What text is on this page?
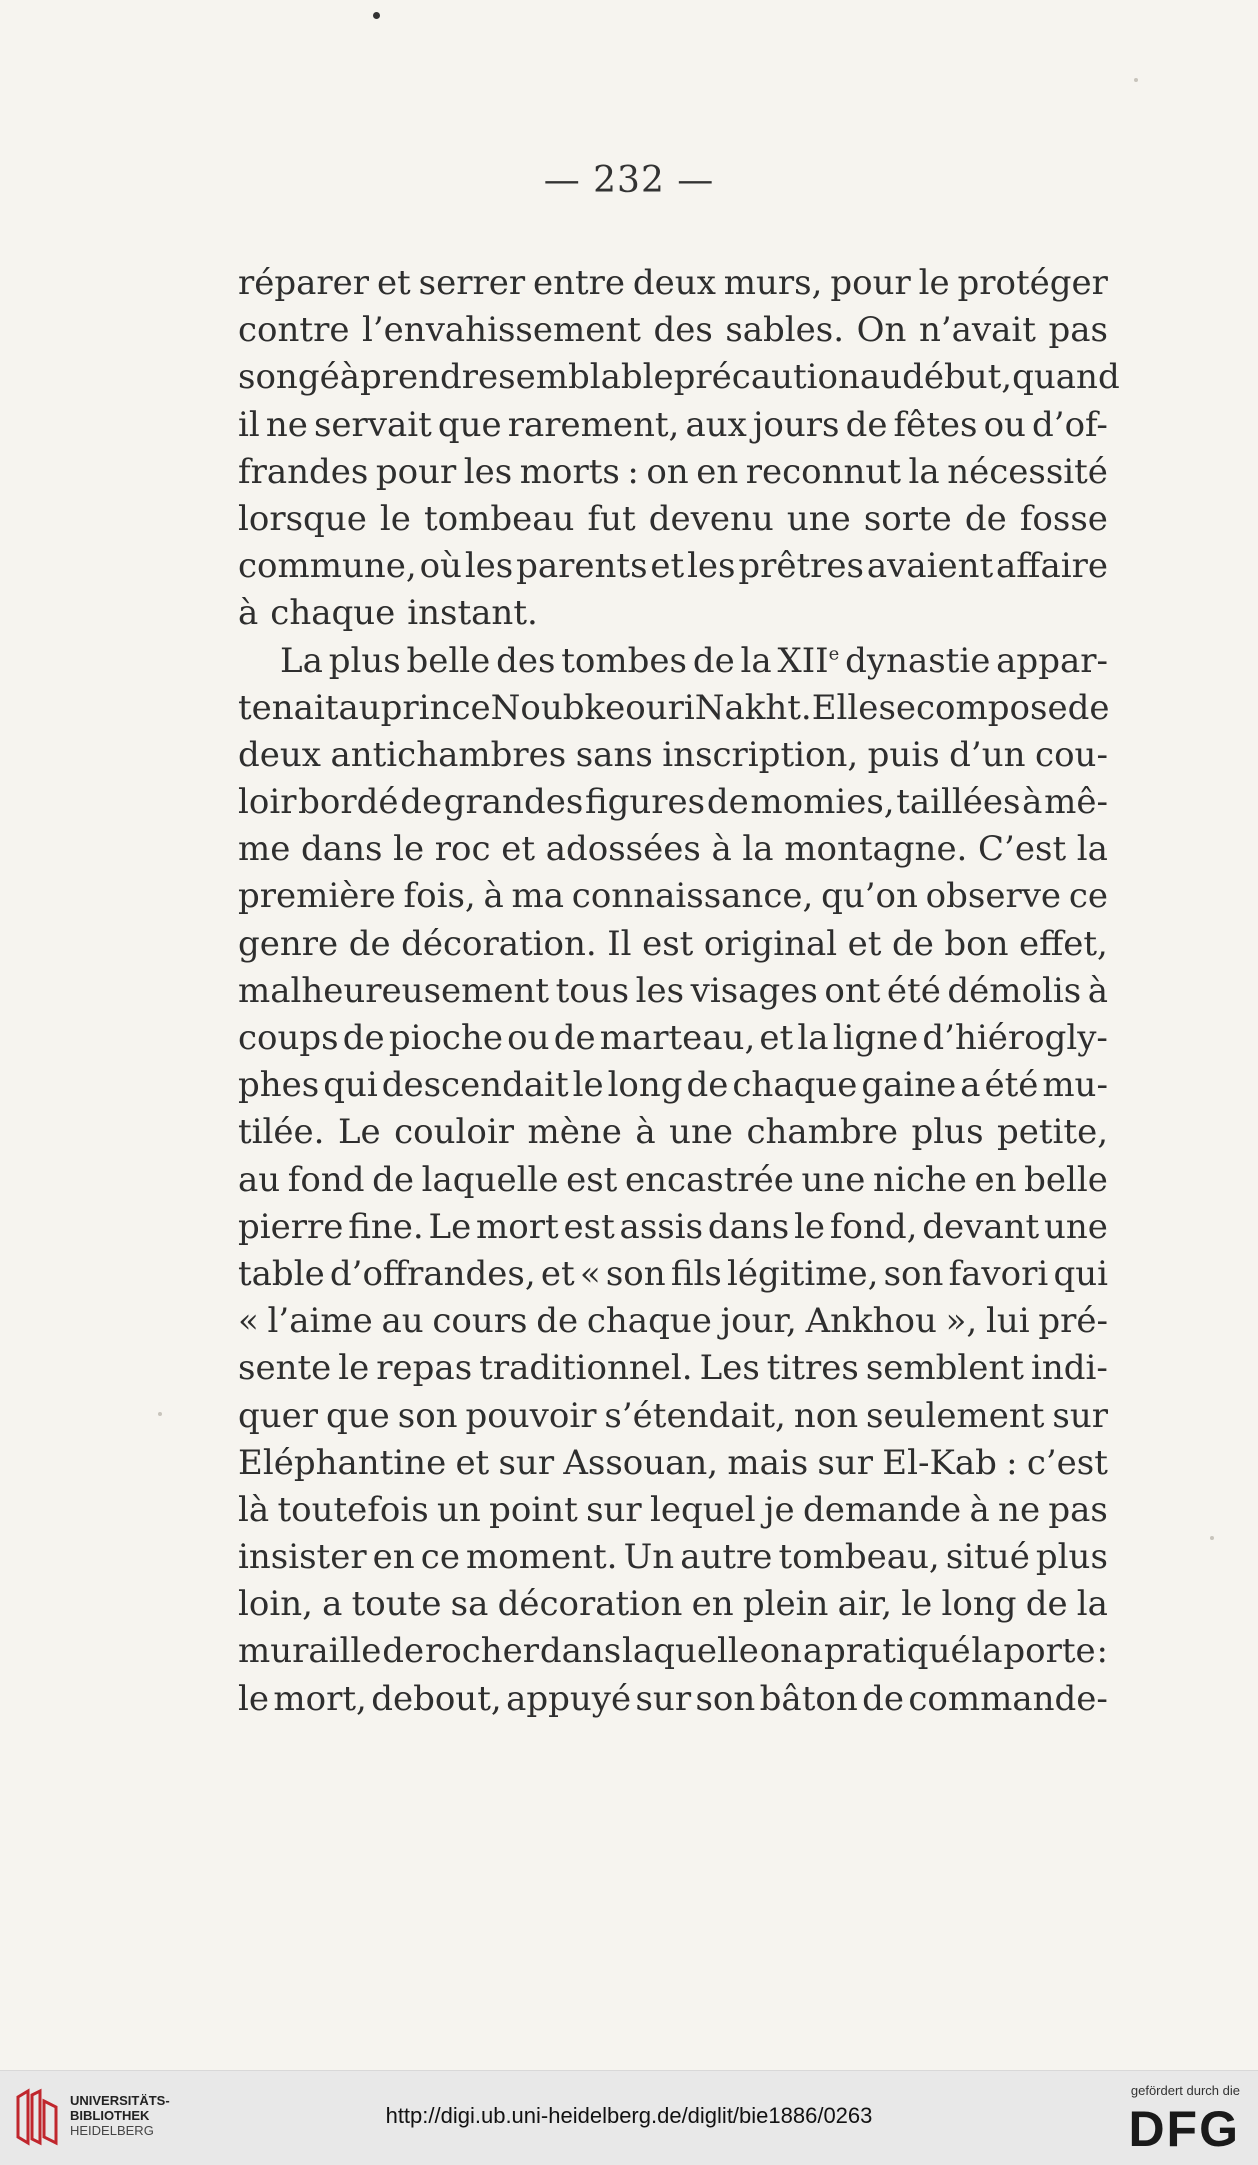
— 232 —
réparer et serrer entre deux murs, pour le protéger
contre l’envahissement des sables. On n’avait pas
songé à prendre semblable précaution au début, quand
il ne servait que rarement, aux jours de fêtes ou d’of-
frandes pour les morts : on en reconnut la nécessité
lorsque le tombeau fut devenu une sorte de fosse
commune, où les parents et les prêtres avaient affaire
à chaque instant.
La plus belle des tombes de la XIIe dynastie appar-
tenait au prince Noubkeouri Nakht. Elle se compose de
deux antichambres sans inscription, puis d’un cou-
loir bordé de grandes figures de momies, taillées à mê-
me dans le roc et adossées à la montagne. C’est la
première fois, à ma connaissance, qu’on observe ce
genre de décoration. Il est original et de bon effet,
malheureusement tous les visages ont été démolis à
coups de pioche ou de marteau, et la ligne d’hiérogly-
phes qui descendait le long de chaque gaine a été mu-
tilée. Le couloir mène à une chambre plus petite,
au fond de laquelle est encastrée une niche en belle
pierre fine. Le mort est assis dans le fond, devant une
table d’offrandes, et « son fils légitime, son favori qui
« l’aime au cours de chaque jour, Ankhou », lui pré-
sente le repas traditionnel. Les titres semblent indi-
quer que son pouvoir s’étendait, non seulement sur
Eléphantine et sur Assouan, mais sur El-Kab : c’est
là toutefois un point sur lequel je demande à ne pas
insister en ce moment. Un autre tombeau, situé plus
loin, a toute sa décoration en plein air, le long de la
muraille de rocher dans laquelle on a pratiqué la porte :
le mort, debout, appuyé sur son bâton de commande-
UNIVERSITÄTS-
BIBLIOTHEK
HEIDELBERG
http://digi.ub.uni-heidelberg.de/diglit/bie1886/0263
gefördert durch die
DFG
